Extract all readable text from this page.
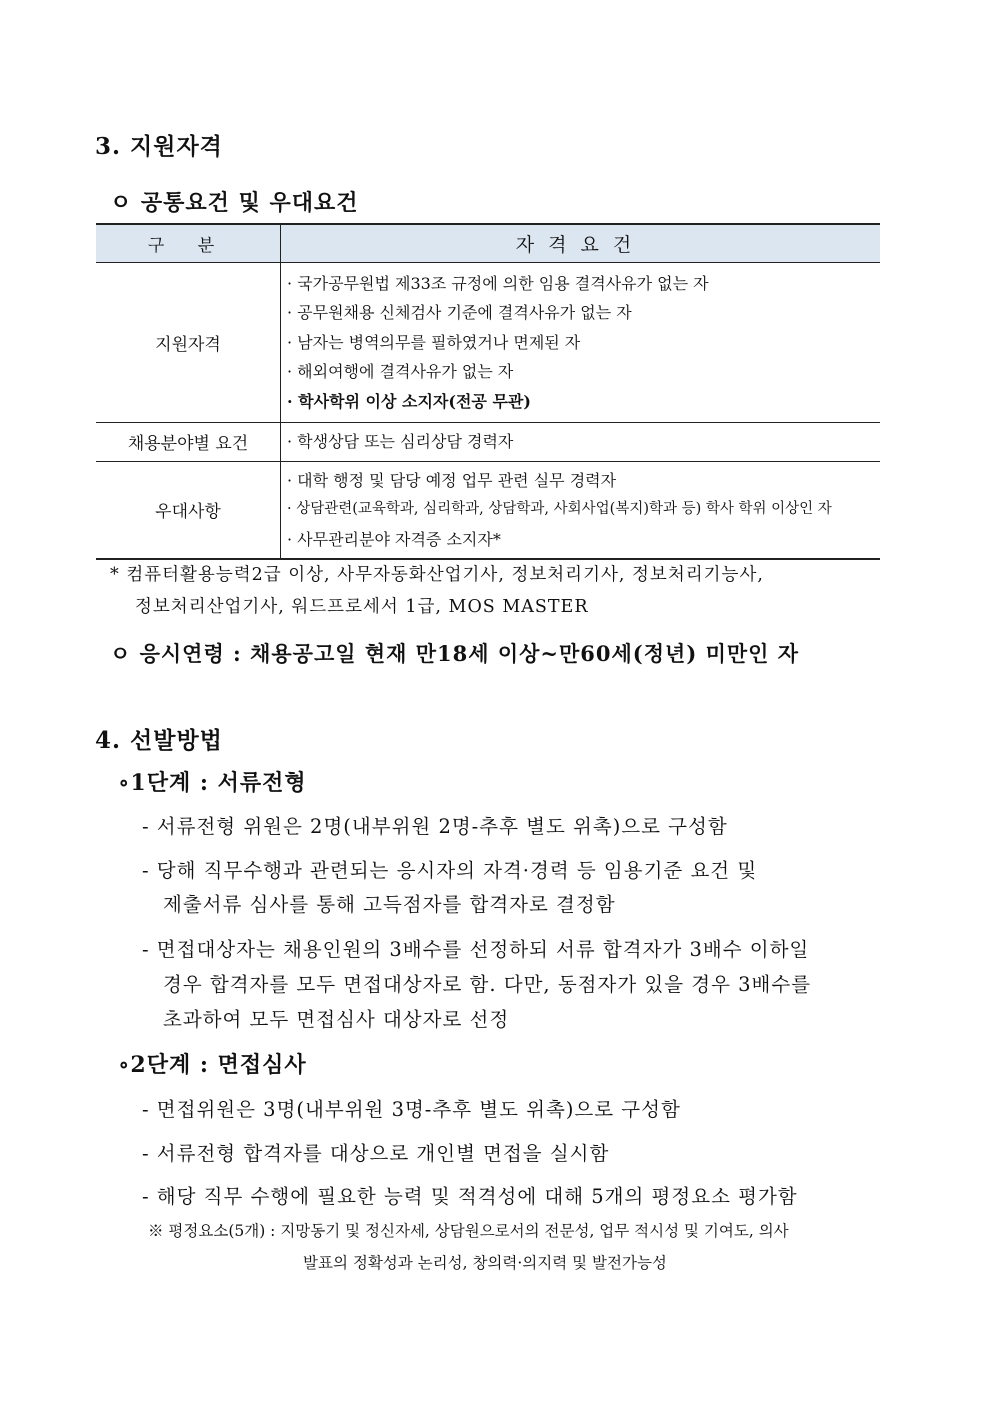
3. 지원자격
ㅇ 공통요건 및 우대요건
구 분	자격요건
지원자격	· 국가공무원법 제33조 규정에 의한 임용 결격사유가 없는 자
· 공무원채용 신체검사 기준에 결격사유가 없는 자
· 남자는 병역의무를 필하였거나 면제된 자
· 해외여행에 결격사유가 없는 자
· 학사학위 이상 소지자(전공 무관)

채용분야별 요건	· 학생상담 또는 심리상담 경력자

우대사항	· 대학 행정 및 담당 예정 업무 관련 실무 경력자
· 상담관련(교육학과, 심리학과, 상담학과, 사회사업(복지)학과 등) 학사 학위 이상인 자
· 사무관리분야 자격증 소지자*
* 컴퓨터활용능력2급 이상, 사무자동화산업기사, 정보처리기사, 정보처리기능사,
정보처리산업기사, 워드프로세서 1급, MOS MASTER
ㅇ 응시연령 : 채용공고일 현재 만18세 이상~만60세(정년) 미만인 자
4. 선발방법
∘1단계 : 서류전형
- 서류전형 위원은 2명(내부위원 2명-추후 별도 위촉)으로 구성함
- 당해 직무수행과 관련되는 응시자의 자격·경력 등 임용기준 요건 및
제출서류 심사를 통해 고득점자를 합격자로 결정함
- 면접대상자는 채용인원의 3배수를 선정하되 서류 합격자가 3배수 이하일
경우 합격자를 모두 면접대상자로 함. 다만, 동점자가 있을 경우 3배수를
초과하여 모두 면접심사 대상자로 선정
∘2단계 : 면접심사
- 면접위원은 3명(내부위원 3명-추후 별도 위촉)으로 구성함
- 서류전형 합격자를 대상으로 개인별 면접을 실시함
- 해당 직무 수행에 필요한 능력 및 적격성에 대해 5개의 평정요소 평가함
※ 평정요소(5개) : 지망동기 및 정신자세, 상담원으로서의 전문성, 업무 적시성 및 기여도, 의사
발표의 정확성과 논리성, 창의력·의지력 및 발전가능성
